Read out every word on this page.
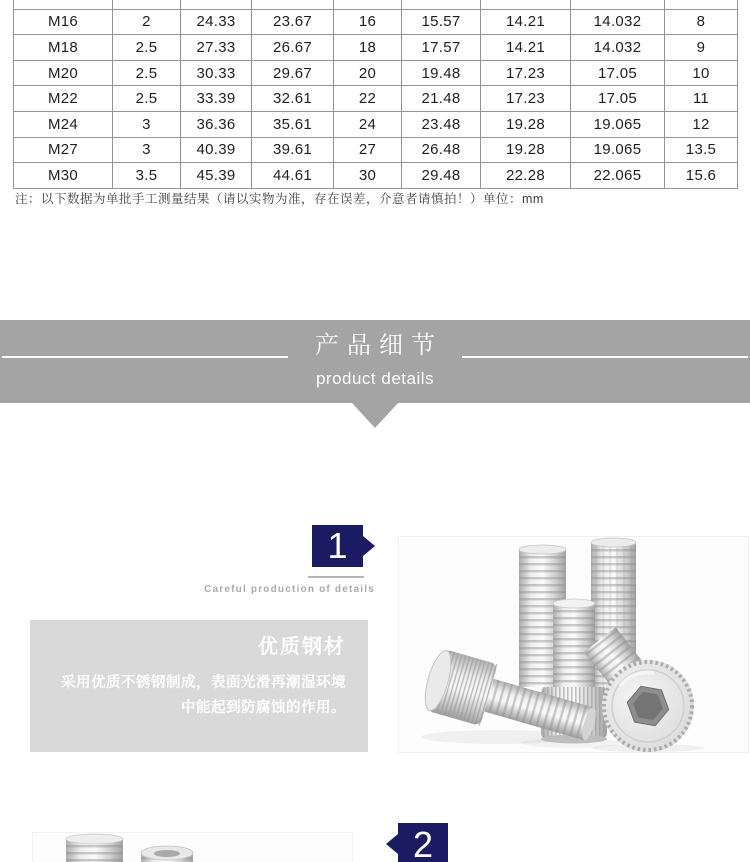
M16	2	24.33	23.67	16	15.57	14.21	14.032	8
M18	2.5	27.33	26.67	18	17.57	14.21	14.032	9
M20	2.5	30.33	29.67	20	19.48	17.23	17.05	10
M22	2.5	33.39	32.61	22	21.48	17.23	17.05	11
M24	3	36.36	35.61	24	23.48	19.28	19.065	12
M27	3	40.39	39.61	27	26.48	19.28	19.065	13.5
M30	3.5	45.39	44.61	30	29.48	22.28	22.065	15.6
注：以下数据为单批手工测量结果（请以实物为准，存在误差，介意者请慎拍！）单位：mm
产品细节
product details
1
Careful production of details
优质钢材
采用优质不锈钢制成，表面光滑再潮湿环境
中能起到防腐蚀的作用。
2
